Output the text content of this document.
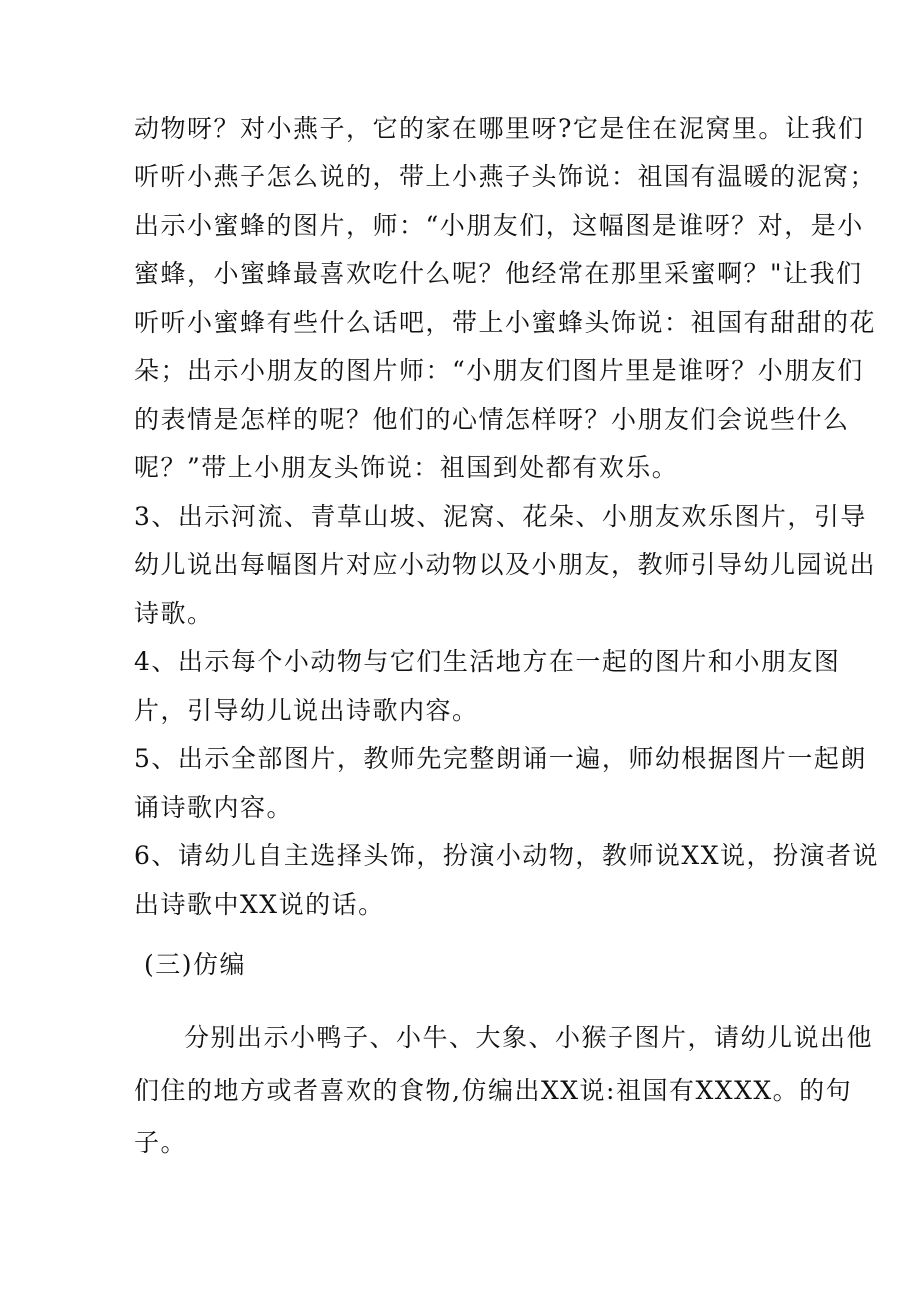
动物呀？对小燕子，它的家在哪里呀?它是住在泥窝里。让我们
听听小燕子怎么说的，带上小燕子头饰说：祖国有温暖的泥窝；
出示小蜜蜂的图片，师：“小朋友们，这幅图是谁呀？对，是小
蜜蜂，小蜜蜂最喜欢吃什么呢？他经常在那里采蜜啊？"让我们
听听小蜜蜂有些什么话吧，带上小蜜蜂头饰说：祖国有甜甜的花
朵；出示小朋友的图片师：“小朋友们图片里是谁呀？小朋友们
的表情是怎样的呢？他们的心情怎样呀？小朋友们会说些什么
呢？”带上小朋友头饰说：祖国到处都有欢乐。
3、出示河流、青草山坡、泥窝、花朵、小朋友欢乐图片，引导
幼儿说出每幅图片对应小动物以及小朋友，教师引导幼儿园说出
诗歌。
4、出示每个小动物与它们生活地方在一起的图片和小朋友图
片，引导幼儿说出诗歌内容。
5、出示全部图片，教师先完整朗诵一遍，师幼根据图片一起朗
诵诗歌内容。
6、请幼儿自主选择头饰，扮演小动物，教师说XX说，扮演者说
出诗歌中XX说的话。
(三)仿编
分别出示小鸭子、小牛、大象、小猴子图片，请幼儿说出他
们住的地方或者喜欢的食物,仿编出XX说:祖国有XXXX。的句
子。
